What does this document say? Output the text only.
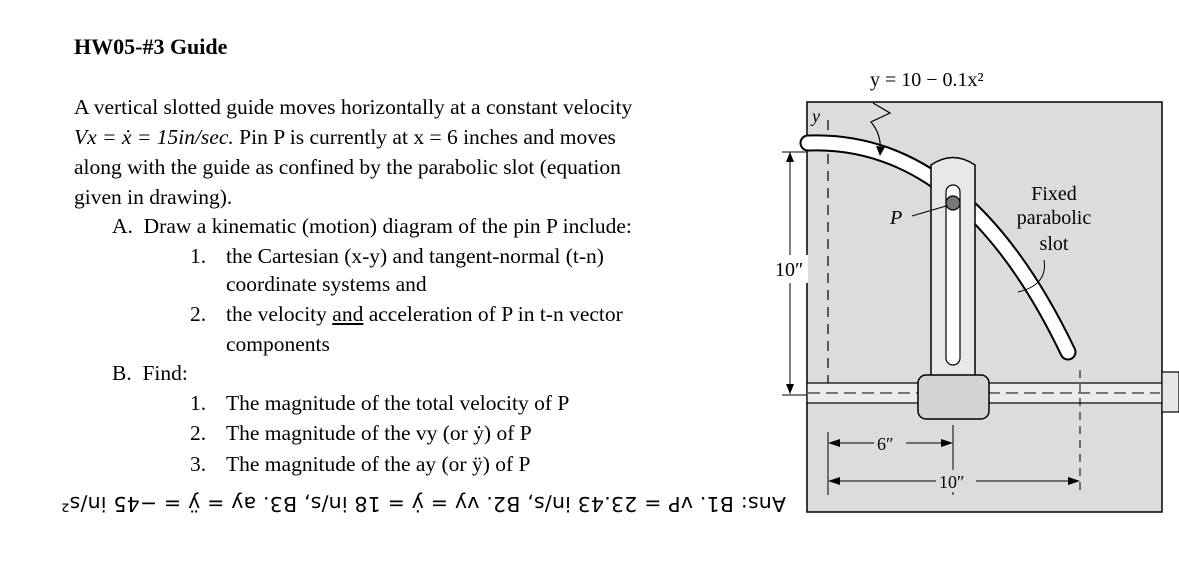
HW05-#3 Guide
A vertical slotted guide moves horizontally at a constant velocity
Vx = ẋ = 15in/sec. Pin P is currently at x = 6 inches and moves
along with the guide as confined by the parabolic slot (equation
given in drawing).
A. Draw a kinematic (motion) diagram of the pin P include:
1. the Cartesian (x-y) and tangent-normal (t-n)
coordinate systems and
2. the velocity and acceleration of P in t-n vector
components
B. Find:
1. The magnitude of the total velocity of P
2. The magnitude of the vy (or ẏ) of P
3. The magnitude of the ay (or ÿ) of P
Ans: B1. vP = 23.43 in/s, B2. vy = ẏ = 18 in/s, B3. ay = ÿ = −45 in/s²
10″
y
P
y = 10 − 0.1x²
Fixed
parabolic
slot
6″
10″
